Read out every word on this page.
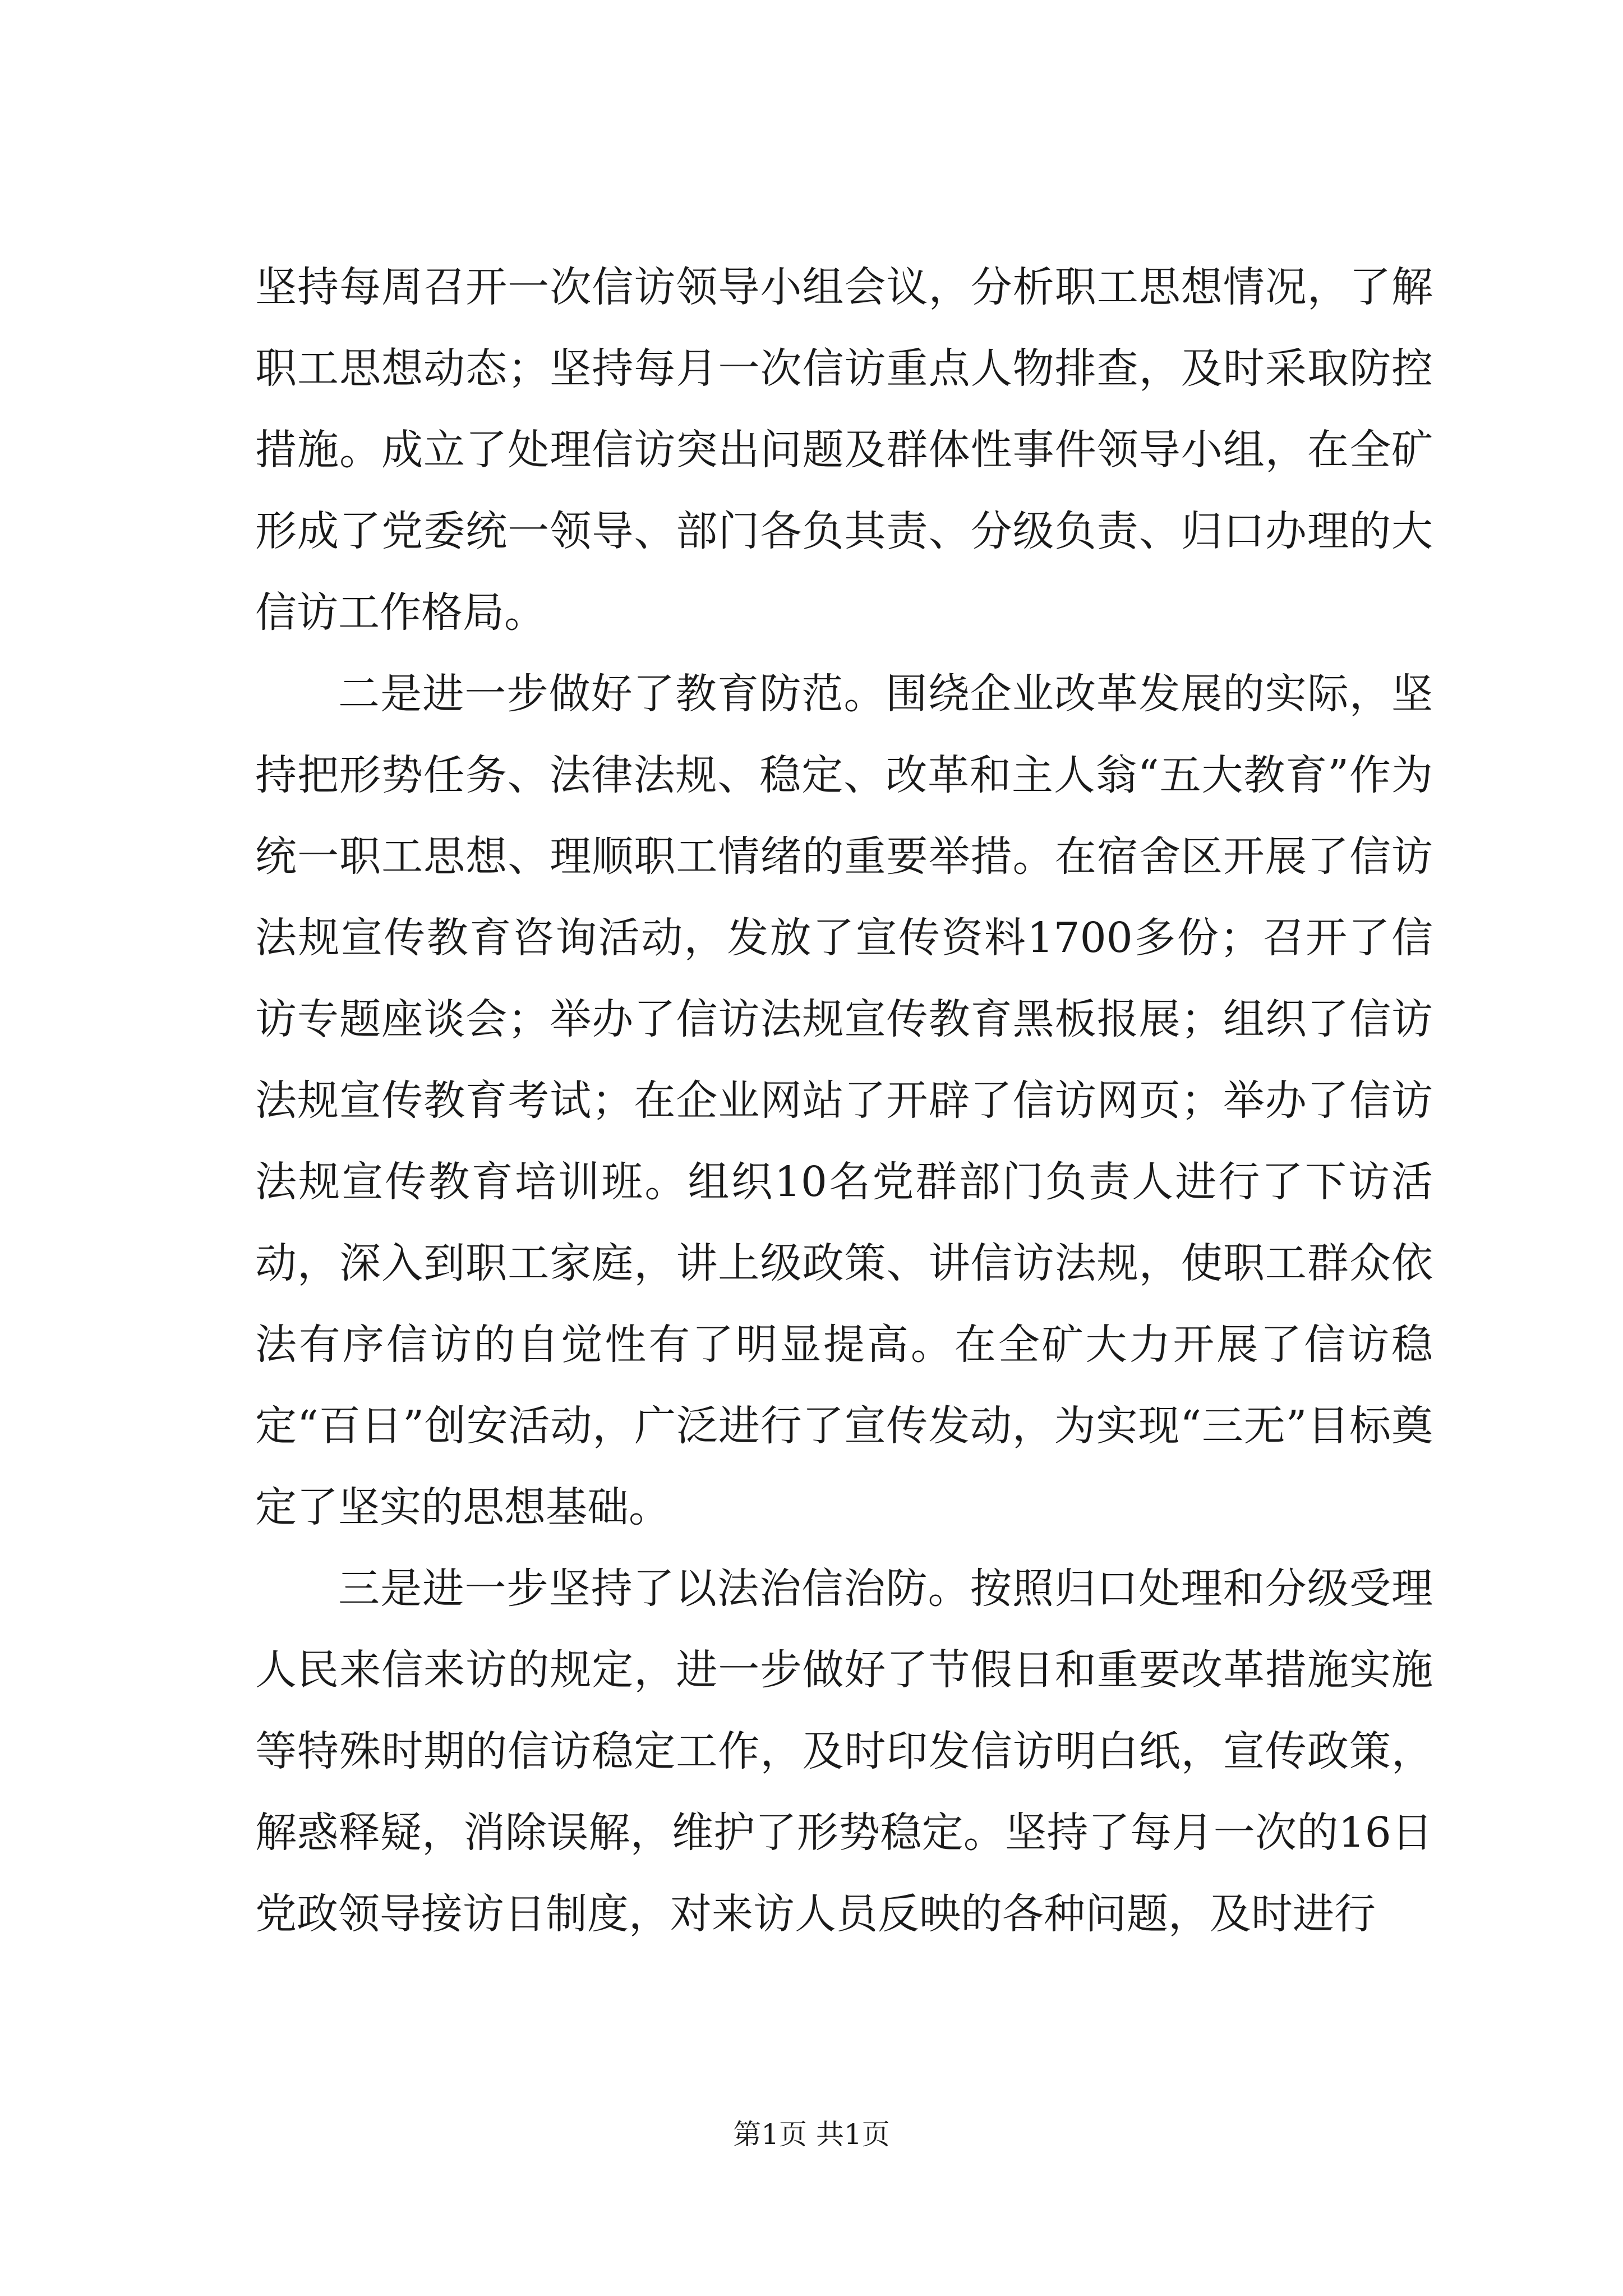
坚持每周召开一次信访领导小组会议，分析职工思想情况，了解职工思想动态；坚持每月一次信访重点人物排查，及时采取防控措施。成立了处理信访突出问题及群体性事件领导小组，在全矿形成了党委统一领导、部门各负其责、分级负责、归口办理的大信访工作格局。

二是进一步做好了教育防范。围绕企业改革发展的实际，坚持把形势任务、法律法规、稳定、改革和主人翁“五大教育”作为统一职工思想、理顺职工情绪的重要举措。在宿舍区开展了信访法规宣传教育咨询活动，发放了宣传资料1700多份；召开了信访专题座谈会；举办了信访法规宣传教育黑板报展；组织了信访法规宣传教育考试；在企业网站了开辟了信访网页；举办了信访法规宣传教育培训班。组织10名党群部门负责人进行了下访活动，深入到职工家庭，讲上级政策、讲信访法规，使职工群众依法有序信访的自觉性有了明显提高。在全矿大力开展了信访稳定“百日”创安活动，广泛进行了宣传发动，为实现“三无”目标奠定了坚实的思想基础。

三是进一步坚持了以法治信治防。按照归口处理和分级受理人民来信来访的规定，进一步做好了节假日和重要改革措施实施等特殊时期的信访稳定工作，及时印发信访明白纸，宣传政策，解惑释疑，消除误解，维护了形势稳定。坚持了每月一次的16日党政领导接访日制度，对来访人员反映的各种问题，及时进行

第1页 共1页
